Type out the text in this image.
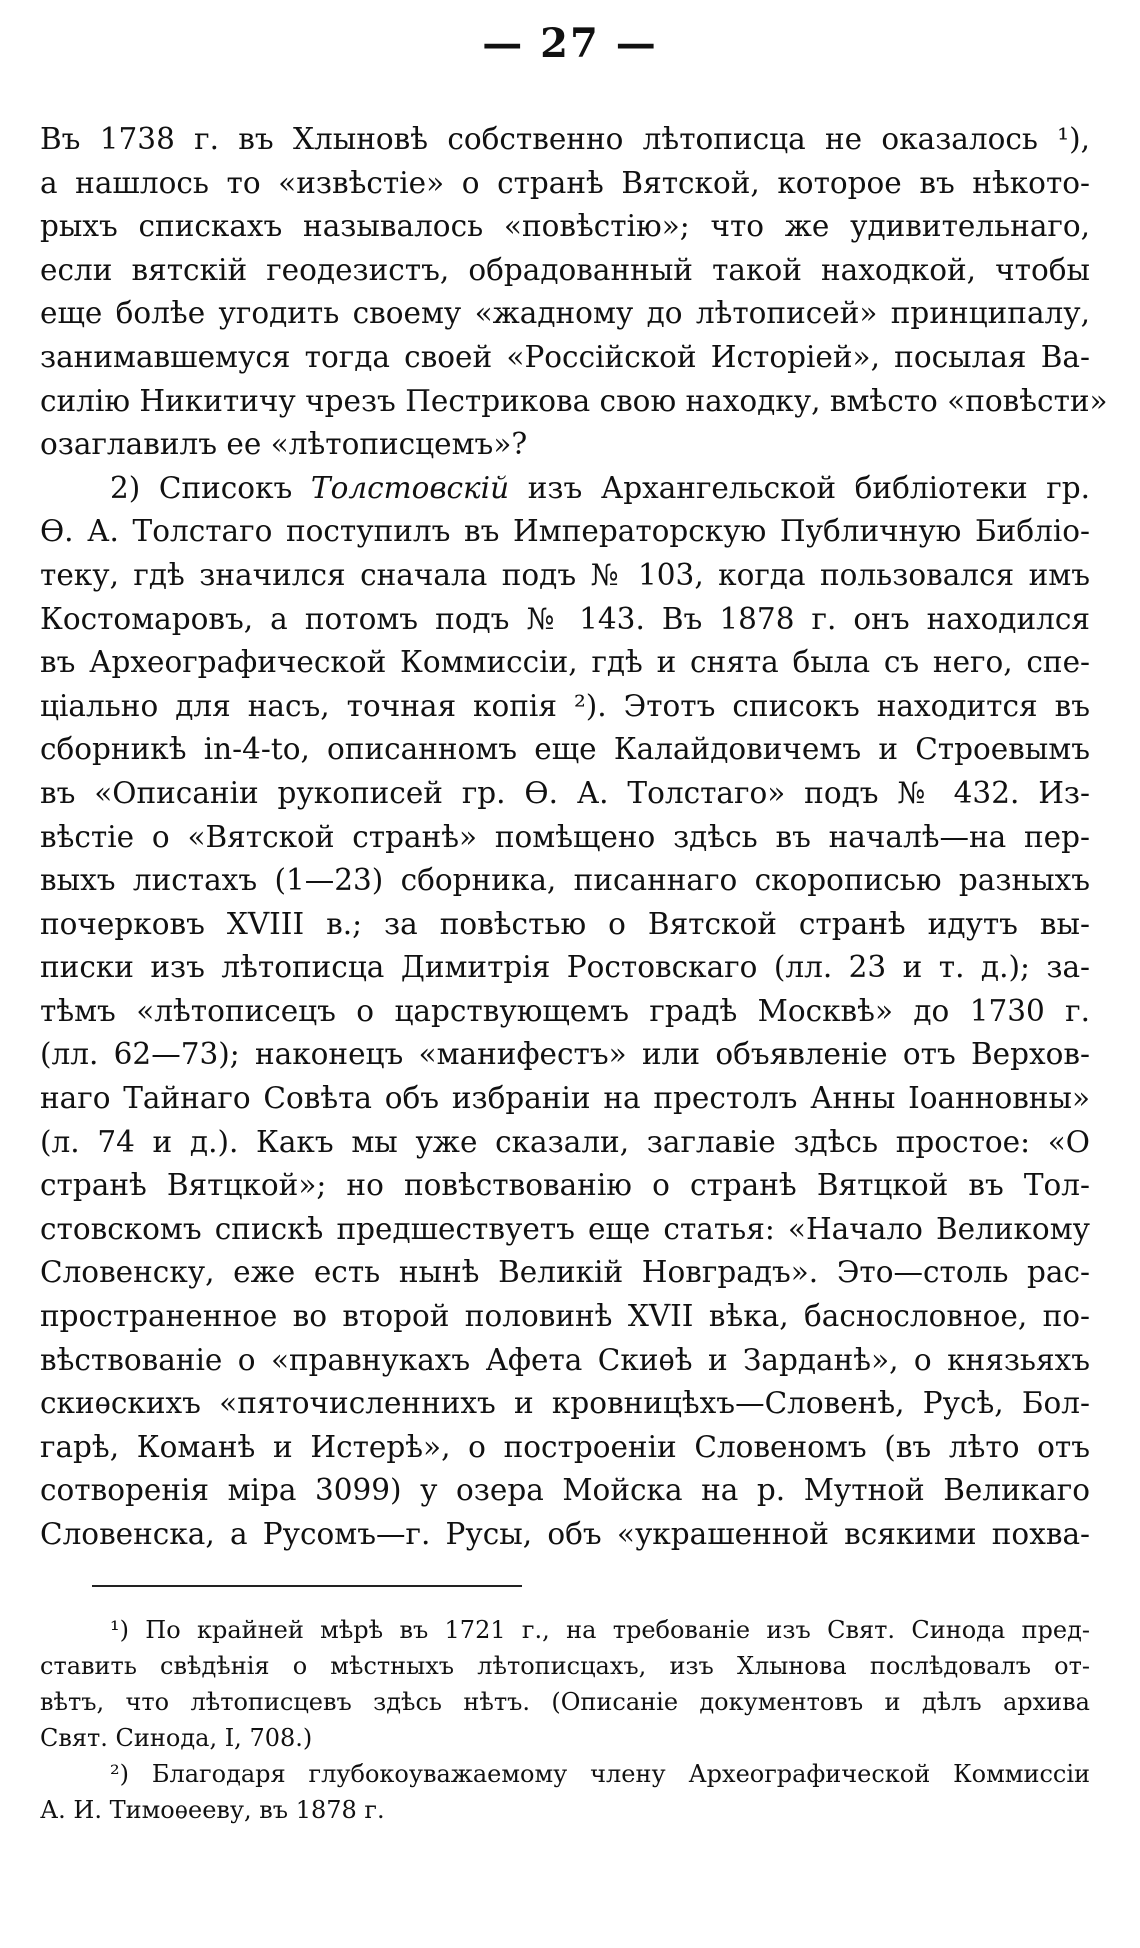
— 27 —
Въ 1738 г. въ Хлыновѣ собственно лѣтописца не оказалось ¹),
а нашлось то «извѣстіе» о странѣ Вятской, которое въ нѣкото-
рыхъ спискахъ называлось «повѣстію»; что же удивительнаго,
если вятскій геодезистъ, обрадованный такой находкой, чтобы
еще болѣе угодить своему «жадному до лѣтописей» принципалу,
занимавшемуся тогда своей «Россійской Исторіей», посылая Ва-
силію Никитичу чрезъ Пестрикова свою находку, вмѣсто «повѣсти»
озаглавилъ ее «лѣтописцемъ»?
2) Списокъ Толстовскій изъ Архангельской библіотеки гр.
Ѳ. А. Толстаго поступилъ въ Императорскую Публичную Библіо-
теку, гдѣ значился сначала подъ № 103, когда пользовался имъ
Костомаровъ, а потомъ подъ № 143. Въ 1878 г. онъ находился
въ Археографической Коммиссіи, гдѣ и снята была съ него, спе-
ціально для насъ, точная копія ²). Этотъ списокъ находится въ
сборникѣ in-4-to, описанномъ еще Калайдовичемъ и Строевымъ
въ «Описаніи рукописей гр. Ѳ. А. Толстаго» подъ № 432. Из-
вѣстіе о «Вятской странѣ» помѣщено здѣсь въ началѣ—на пер-
выхъ листахъ (1—23) сборника, писаннаго скорописью разныхъ
почерковъ XVIII в.; за повѣстью о Вятской странѣ идутъ вы-
писки изъ лѣтописца Димитрія Ростовскаго (лл. 23 и т. д.); за-
тѣмъ «лѣтописецъ о царствующемъ градѣ Москвѣ» до 1730 г.
(лл. 62—73); наконецъ «манифестъ» или объявленіе отъ Верхов-
наго Тайнаго Совѣта объ избраніи на престолъ Анны Іоанновны»
(л. 74 и д.). Какъ мы уже сказали, заглавіе здѣсь простое: «О
странѣ Вятцкой»; но повѣствованію о странѣ Вятцкой въ Тол-
стовскомъ спискѣ предшествуетъ еще статья: «Начало Великому
Словенску, еже есть нынѣ Великій Новградъ». Это—столь рас-
пространенное во второй половинѣ XVII вѣка, баснословное, по-
вѣствованіе о «правнукахъ Афета Скиѳѣ и Зарданѣ», о князьяхъ
скиѳскихъ «пяточисленнихъ и кровницѣхъ—Словенѣ, Русѣ, Бол-
гарѣ, Команѣ и Истерѣ», о построеніи Словеномъ (въ лѣто отъ
сотворенія міра 3099) у озера Мойска на р. Мутной Великаго
Словенска, а Русомъ—г. Русы, объ «украшенной всякими похва-
¹) По крайней мѣрѣ въ 1721 г., на требованіе изъ Свят. Синода пред-
ставить свѣдѣнія о мѣстныхъ лѣтописцахъ, изъ Хлынова послѣдовалъ от-
вѣтъ, что лѣтописцевъ здѣсь нѣтъ. (Описаніе документовъ и дѣлъ архива
Свят. Синода, I, 708.)
²) Благодаря глубокоуважаемому члену Археографической Коммиссіи
А. И. Тимоѳееву, въ 1878 г.
